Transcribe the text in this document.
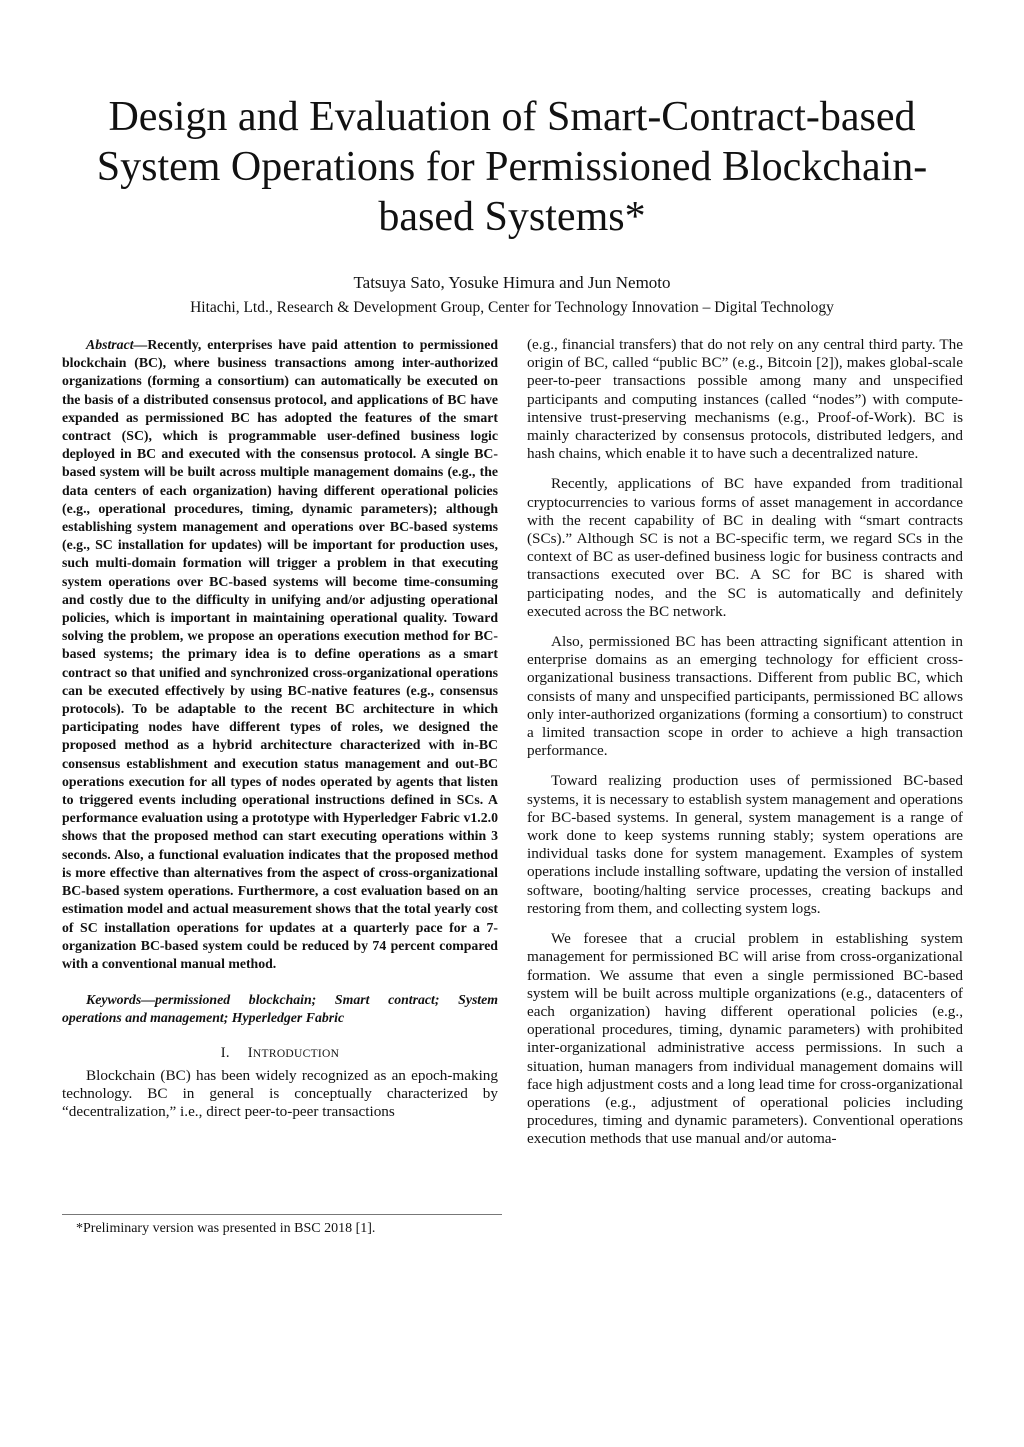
Design and Evaluation of Smart-Contract-based System Operations for Permissioned Blockchain-based Systems*
Tatsuya Sato, Yosuke Himura and Jun Nemoto
Hitachi, Ltd., Research & Development Group, Center for Technology Innovation – Digital Technology

Abstract—Recently, enterprises have paid attention to permissioned blockchain (BC), where business transactions among inter-authorized organizations (forming a consortium) can automatically be executed on the basis of a distributed consensus protocol, and applications of BC have expanded as permissioned BC has adopted the features of the smart contract (SC), which is programmable user-defined business logic deployed in BC and executed with the consensus protocol. A single BC-based system will be built across multiple management domains (e.g., the data centers of each organization) having different operational policies (e.g., operational procedures, timing, dynamic parameters); although establishing system management and operations over BC-based systems (e.g., SC installation for updates) will be important for production uses, such multi-domain formation will trigger a problem in that executing system operations over BC-based systems will become time-consuming and costly due to the difficulty in unifying and/or adjusting operational policies, which is important in maintaining operational quality. Toward solving the problem, we propose an operations execution method for BC-based systems; the primary idea is to define operations as a smart contract so that unified and synchronized cross-organizational operations can be executed effectively by using BC-native features (e.g., consensus protocols). To be adaptable to the recent BC architecture in which participating nodes have different types of roles, we designed the proposed method as a hybrid architecture characterized with in-BC consensus establishment and execution status management and out-BC operations execution for all types of nodes operated by agents that listen to triggered events including operational instructions defined in SCs. A performance evaluation using a prototype with Hyperledger Fabric v1.2.0 shows that the proposed method can start executing operations within 3 seconds. Also, a functional evaluation indicates that the proposed method is more effective than alternatives from the aspect of cross-organizational BC-based system operations. Furthermore, a cost evaluation based on an estimation model and actual measurement shows that the total yearly cost of SC installation operations for updates at a quarterly pace for a 7-organization BC-based system could be reduced by 74 percent compared with a conventional manual method.

Keywords—permissioned blockchain; Smart contract; System operations and management; Hyperledger Fabric

I. INTRODUCTION

Blockchain (BC) has been widely recognized as an epoch-making technology. BC in general is conceptually characterized by “decentralization,” i.e., direct peer-to-peer transactions

(e.g., financial transfers) that do not rely on any central third party. The origin of BC, called “public BC” (e.g., Bitcoin [2]), makes global-scale peer-to-peer transactions possible among many and unspecified participants and computing instances (called “nodes”) with compute-intensive trust-preserving mechanisms (e.g., Proof-of-Work). BC is mainly characterized by consensus protocols, distributed ledgers, and hash chains, which enable it to have such a decentralized nature.

Recently, applications of BC have expanded from traditional cryptocurrencies to various forms of asset management in accordance with the recent capability of BC in dealing with “smart contracts (SCs).” Although SC is not a BC-specific term, we regard SCs in the context of BC as user-defined business logic for business contracts and transactions executed over BC. A SC for BC is shared with participating nodes, and the SC is automatically and definitely executed across the BC network.

Also, permissioned BC has been attracting significant attention in enterprise domains as an emerging technology for efficient cross-organizational business transactions. Different from public BC, which consists of many and unspecified participants, permissioned BC allows only inter-authorized organizations (forming a consortium) to construct a limited transaction scope in order to achieve a high transaction performance.

Toward realizing production uses of permissioned BC-based systems, it is necessary to establish system management and operations for BC-based systems. In general, system management is a range of work done to keep systems running stably; system operations are individual tasks done for system management. Examples of system operations include installing software, updating the version of installed software, booting/halting service processes, creating backups and restoring from them, and collecting system logs.

We foresee that a crucial problem in establishing system management for permissioned BC will arise from cross-organizational formation. We assume that even a single permissioned BC-based system will be built across multiple organizations (e.g., datacenters of each organization) having different operational policies (e.g., operational procedures, timing, dynamic parameters) with prohibited inter-organizational administrative access permissions. In such a situation, human managers from individual management domains will face high adjustment costs and a long lead time for cross-organizational operations (e.g., adjustment of operational policies including procedures, timing and dynamic parameters). Conventional operations execution methods that use manual and/or automa-

*Preliminary version was presented in BSC 2018 [1].
